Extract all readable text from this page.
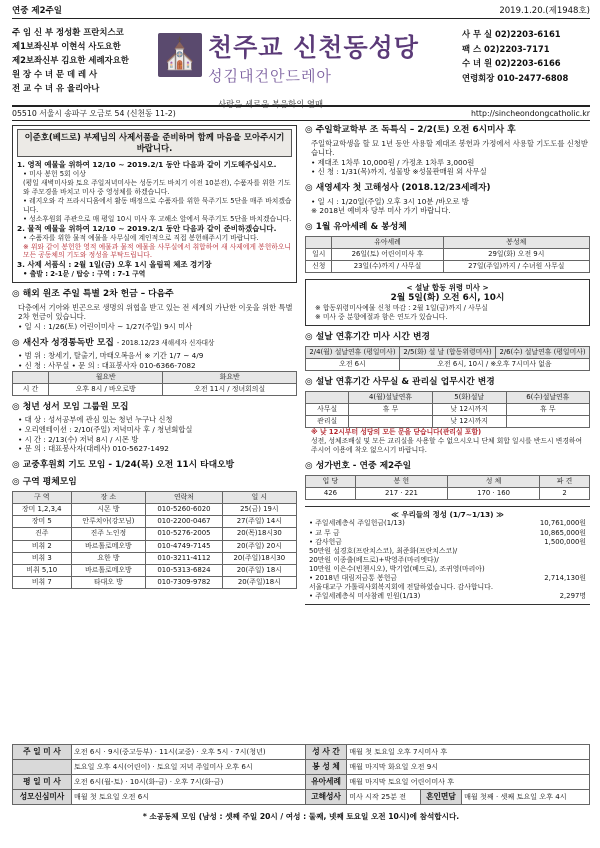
연중 제2주일	2019.1.20.(제1948호)
주 임 신 부 정성환 프란치스코
제1보좌신부 이현석 사도요한
제2보좌신부 김요한 세례자요한
원 장 수 녀 문 데 레 사
전 교 수 녀 유 율리아나
⛪ 천주교 신천동성당
성김대건안드레아
사랑은 세로운 복음화의 열매
사 무 실 02)2203-6161
팩 스 02)2203-7171
수 녀 원 02)2203-6166
연령회장 010-2477-6808
05510 서울시 송파구 오금로 54 (신천동 11-2)	http://sincheondongcatholic.kr
이준호(베드로) 부제님의 사제서품을 준비하며 함께 마음을 모아주시기 바랍니다.
1. 영적 예물을 위하여 12/10 ~ 2019.2/1 동안 다음과 같이 기도해주십시오.
• 미사 봉헌 5회 이상
(평일 새벽미사와 토요 주일저녁미사는 성동기도 바치기 이전 10분전), 수품자를 위한 기도와 주모경을 바치고 미사 중 영성체를 하겠습니다.
• 레지오와 각 프라시디움에서 활동 배정으로 수품자를 위한 묵주기도 5단을 매주 바치겠습니다.
• 성소후원회 주관으로 매 평일 10시 미사 후 고해소 앞에서 묵주기도 5단을 바치겠습니다.
2. 물적 예물을 위하여 12/10 ~ 2019.2/1 동안 다음과 같이 준비하겠습니다.
• 수품자를 위한 물적 예물을 사무실에 계인적으로 직접 봉헌해주시기 바랍니다.
※ 위와 같이 봉헌한 영적 예물과 물적 예물을 사무실에서 취합하여 새 사제에게 봉헌하오니 모든 공동체의 기도와 정성을 부탁드립니다.
3. 사제 서품식 : 2월 1일(금) 오후 1시 올림픽 체조 경기장
• 출발 : 2-1문 / 탑승 : 구역 : 7-1 구역
◎ 해외 원조 주일 특별 2차 헌금 – 다음주
다층에서 기아와 빈곤으로 생명의 위협을 받고 있는 전 세계의 가난한 이웃을 위한 특별 2차 헌금이 있습니다.
• 일 시 : 1/26(토) 어린이미사 ~ 1/27(주일) 9시 미사
◎ 새신자 성경통독반 모집 - 2018.12/23 새해세자 신자대상
• 범 위 : 창세기, 탈출기, 마태오복음서 ※ 기간 1/7 ~ 4/9
• 신 청 : 사무실 • 문 의 : 대표봉사자 010-6366-7082
	월요반	화요반
시 간	오후 8시 / 바오로방	오전 11시 / 정녀회의실
◎ 청년 성서 모임 그룹원 모집
• 대 상 : 성서공부에 관심 있는 청년 누구나 신청
• 오리엔테이션 : 2/10(주일) 저녁미사 후 / 청년회합실
• 시 간 : 2/13(수) 저녁 8시 / 시몬 방
• 문 의 : 대표봉사자(대레사) 010-5627-1492
◎ 교중후원회 기도 모임 - 1/24(목) 오전 11시 타대오방
◎ 구역 평체모임
구 역	장 소	연락처	일 시
장미 1,2,3,4	시몬 방	010-5260-6020	25(금) 19시
장미 5	안루치아(강모님)	010-2200-0467	27(주일) 14시
진주	진주 노인정	010-5276-2005	20(목)18시30
비취 2	바르톨로메오방	010-4749-7145	20(주일) 20시
비취 3	요한 방	010-3211-4112	20(주일)18시30
비취 5,10	바르톨로메오방	010-5313-6824	20(주일) 18시
비취 7	타대오 방	010-7309-9782	20(주일)18시
◎ 주일학교학부 조 독특식 – 2/2(토) 오전 6시미사 후
주일학교학생을 할 묘 1년 동안 사용할 제대조 봉헌과 가정에서 사용할 기도도를 신청받습니다.
• 제대조 1차루 10,000원 / 가정초 1차루 3,000원
• 신 청 : 1/31(목)까지, 성물방 ※성물판매원 외 사무실
◎ 새영세자 첫 고해성사 (2018.12/23세례자)
• 일 시 : 1/20일(주일) 오후 3시 10분 /바오로 방
※ 2018년 예비자 당부 미사 가기 바랍니다.
◎ 1월 유아세례 & 봉성체
	유아세례	봉성체
일시	26일(토) 어린이미사 후	29일(화) 오전 9시
신청	23일(수)까지 / 사무실	27일(주일)까지 / 수녀원 사무실
< 설날 합동 위령 미사 >
2월 5일(화) 오전 6시, 10시
※ 합동위령미사예물 신청 마감 : 2월 1일(금)까지 / 사무실
※ 미사 중 분향예절과 함은 연도가 있습니다.
◎ 설날 연휴기간 미사 시간 변경
2/4(월) 설날연휴 (평일미사)	2/5(화) 설 날 (합동위령미사)	2/6(수) 설날연휴 (평일미사)
오전 6시	오전 6시, 10시 / ※오후 7시미사 없음	
◎ 설날 연휴기간 사무실 & 관리실 업무시간 변경
	4(월)설날연휴	5(화)설날	6(수)설날연휴
사무실	휴 무	낮 12시까지	휴 무
관리실		낮 12시까지	
※ 낮 12시부터 성당의 모든 문을 닫습니다(관리실 포함)
성전, 성체조배실 및 모든 교리실을 사용할 수 없으시오니 단체 회합 일시를 반드시 변경하여 주시어 이용에 착오 없으시기 바랍니다.
◎ 성가번호 - 연중 제2주일
입 당	봉 헌	성 체	파 견
426	217 · 221	170 · 160	2
≪ 우리들의 정성 (1/7~1/13) ≫
• 주일세례층식 주일헌금(1/13)	10,761,000원
• 교 무 금	10,865,000원
• 감사헌금	1,500,000원
50만원 설경호(프란치스코), 최준화(프란치스코)/
20만원 이종출(베드로)+박영주(마리엣다)/
10만원 이은수(빈첸시오), 박기엽(베드로), 조귀영(마리아)
• 2018년 대림저금통 봉헌금	2,714,130원
서울대교구 가톨릭사회복지회에 전달하였습니다. 감사합니다.
• 주일세례층식 미사참례 인원(1/13)	2,297명
주 일 미 사	오전 6시 · 9시(중고등부) · 11시(교중) · 오후 5시 · 7시(청년)	성 사 간	매월 첫 토요일 오후 7시미사 후		
	토요일 오후 4시(어린이) · 토요일 저녁 주일미사 오후 6시	봉 성 체	매월 마지막 화요일 오전 9시		
평 일 미 사	오전 6시(월-토) · 10시(화-금) · 오후 7시(화-금)	유아세례	매월 마지막 토요일 어린이미사 후		
성모신심미사	매월 첫 토요일 오전 6시	고해성사	미사 시작 25분 전	혼인면담	매월 첫째 · 셋째 토요일 오후 4시
* 소공동체 모임 (남성 : 셋째 주일 20시 / 여성 : 둘째, 넷째 토요일 오전 10시)에 참석합시다.
